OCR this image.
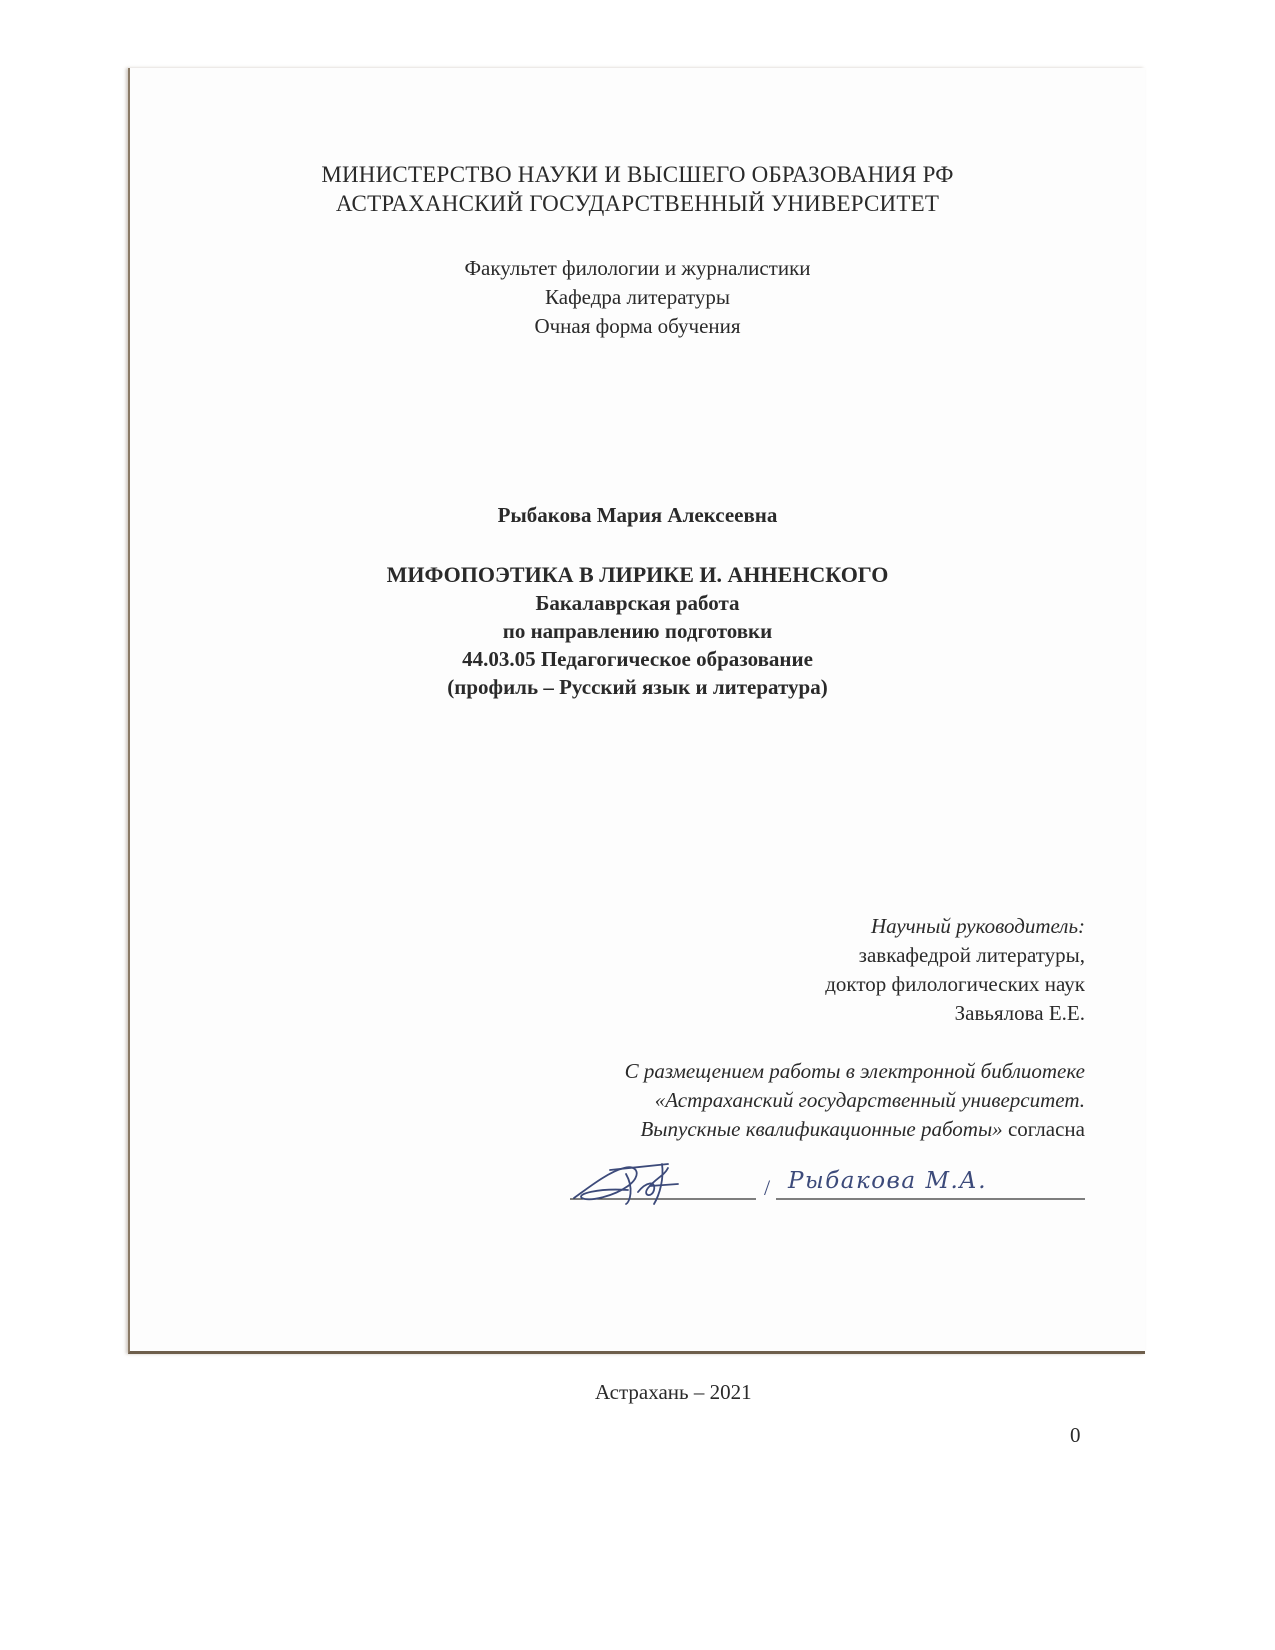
МИНИСТЕРСТВО НАУКИ И ВЫСШЕГО ОБРАЗОВАНИЯ РФ
АСТРАХАНСКИЙ ГОСУДАРСТВЕННЫЙ УНИВЕРСИТЕТ
Факультет филологии и журналистики
Кафедра литературы
Очная форма обучения
Рыбакова Мария Алексеевна
МИФОПОЭТИКА В ЛИРИКЕ И. АННЕНСКОГО
Бакалаврская работа
по направлению подготовки
44.03.05 Педагогическое образование
(профиль – Русский язык и литература)
Научный руководитель:
завкафедрой литературы,
доктор филологических наук
Завьялова Е.Е.
С размещением работы в электронной библиотеке
«Астраханский государственный университет.
Выпускные квалификационные работы» согласна
/ Рыбакова М.А.
Астрахань – 2021
0
